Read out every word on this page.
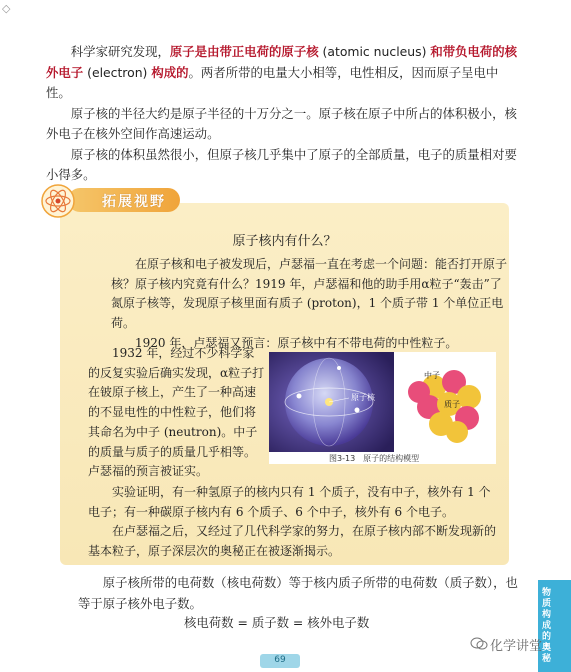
◇

科学家研究发现，原子是由带正电荷的原子核 (atomic nucleus) 和带负电荷的核外电子 (electron) 构成的。两者所带的电量大小相等，电性相反，因而原子呈电中性。

原子核的半径大约是原子半径的十万分之一。原子核在原子中所占的体积极小，核外电子在核外空间作高速运动。

原子核的体积虽然很小，但原子核几乎集中了原子的全部质量，电子的质量相对要小得多。

原子核内有什么？

在原子核和电子被发现后，卢瑟福一直在考虑一个问题：能否打开原子核？原子核内究竟有什么？1919 年，卢瑟福和他的助手用α粒子“轰击”了氮原子核等，发现原子核里面有质子 (proton)，1 个质子带 1 个单位正电荷。

1920 年，卢瑟福又预言：原子核中有不带电荷的中性粒子。

1932 年，经过不少科学家的反复实验后确实发现，α粒子打在铍原子核上，产生了一种高速的不显电性的中性粒子，他们将其命名为中子 (neutron)。中子的质量与质子的质量几乎相等。卢瑟福的预言被证实。

实验证明，有一种氢原子的核内只有 1 个质子，没有中子，核外有 1 个电子；有一种碳原子核内有 6 个质子、6 个中子，核外有 6 个电子。

在卢瑟福之后，又经过了几代科学家的努力，在原子核内部不断发现新的基本粒子，原子深层次的奥秘正在被逐渐揭示。

原子核
中子
质子
图3-13　原子的结构模型
拓展视野

原子核所带的电荷数（核电荷数）等于核内质子所带的电荷数（质子数），也等于原子核外电子数。

核电荷数 = 质子数 = 核外电子数
物质构成的奥秘
69
化学讲堂
